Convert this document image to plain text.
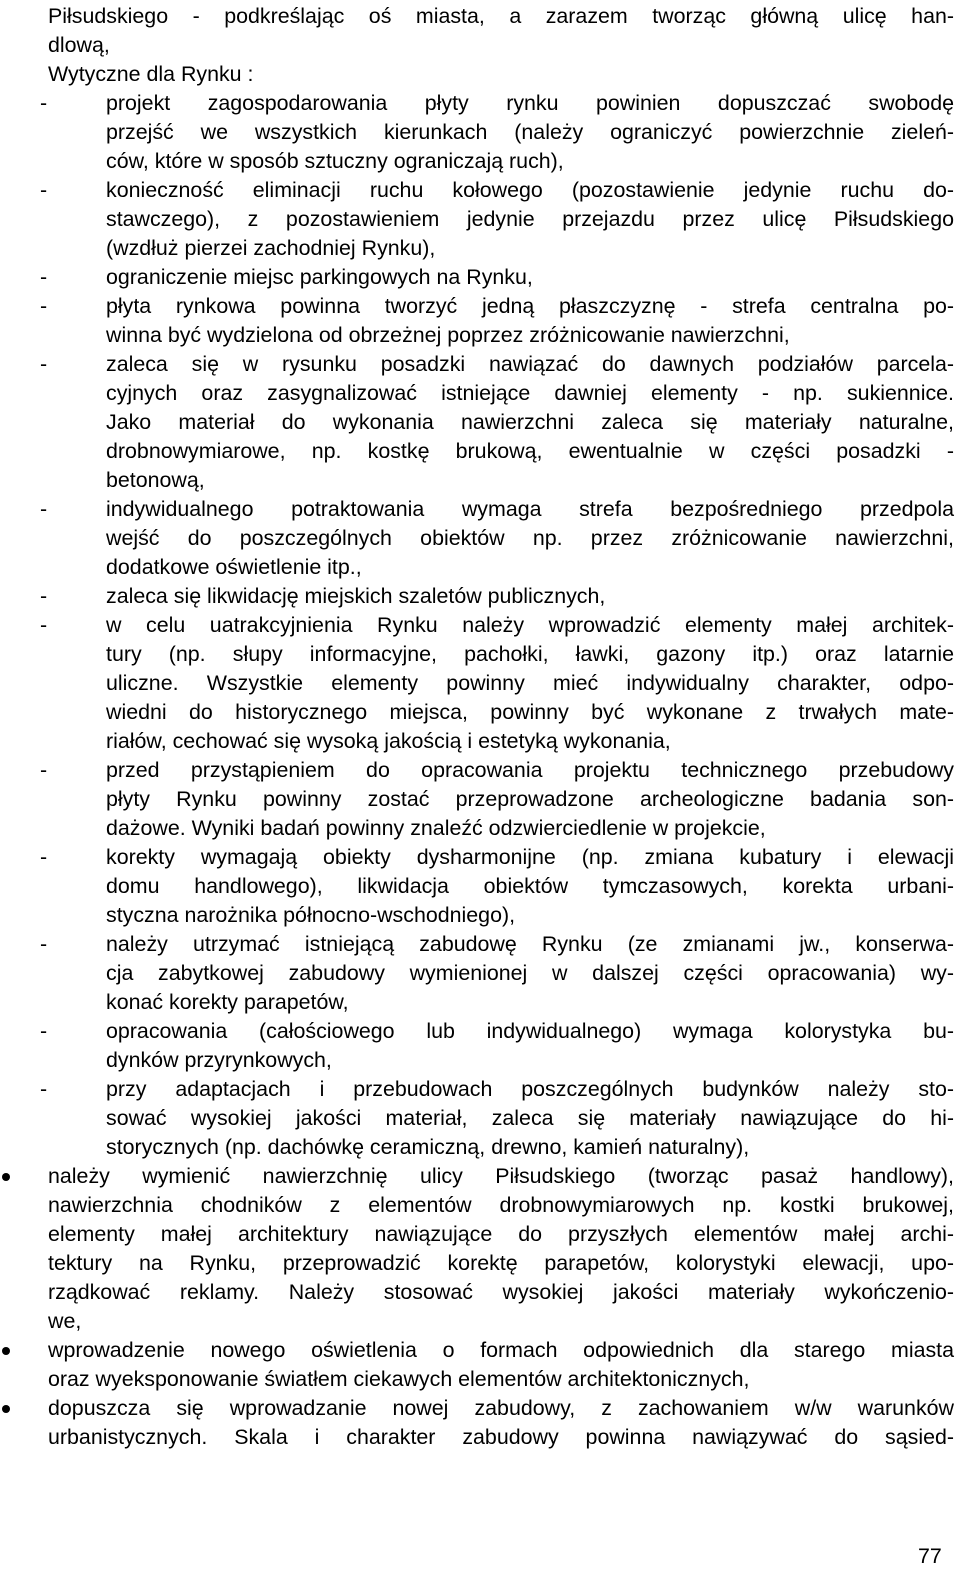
Piłsudskiego - podkreślając oś miasta, a zarazem tworząc główną ulicę han-
dlową,
Wytyczne dla Rynku :
-	projekt zagospodarowania płyty rynku powinien dopuszczać swobodę
przejść we wszystkich kierunkach (należy ograniczyć powierzchnie zieleń-
ców, które w sposób sztuczny ograniczają ruch),
-	konieczność eliminacji ruchu kołowego (pozostawienie jedynie ruchu do-
stawczego), z pozostawieniem jedynie przejazdu przez ulicę Piłsudskiego
(wzdłuż pierzei zachodniej Rynku),
-	ograniczenie miejsc parkingowych na Rynku,
-	płyta rynkowa powinna tworzyć jedną płaszczyznę - strefa centralna po-
winna być wydzielona od obrzeżnej poprzez zróżnicowanie nawierzchni,
-	zaleca się w rysunku posadzki nawiązać do dawnych podziałów parcela-
cyjnych oraz zasygnalizować istniejące dawniej elementy - np. sukiennice.
Jako materiał do wykonania nawierzchni zaleca się materiały naturalne,
drobnowymiarowe, np. kostkę brukową, ewentualnie w części posadzki -
betonową,
-	indywidualnego potraktowania wymaga strefa bezpośredniego przedpola
wejść do poszczególnych obiektów np. przez zróżnicowanie nawierzchni,
dodatkowe oświetlenie itp.,
-	zaleca się likwidację miejskich szaletów publicznych,
-	w celu uatrakcyjnienia Rynku należy wprowadzić elementy małej architek-
tury (np. słupy informacyjne, pachołki, ławki, gazony itp.) oraz latarnie
uliczne. Wszystkie elementy powinny mieć indywidualny charakter, odpo-
wiedni do historycznego miejsca, powinny być wykonane z trwałych mate-
riałów, cechować się wysoką jakością i estetyką wykonania,
-	przed przystąpieniem do opracowania projektu technicznego przebudowy
płyty Rynku powinny zostać przeprowadzone archeologiczne badania son-
dażowe. Wyniki badań powinny znaleźć odzwierciedlenie w projekcie,
-	korekty wymagają obiekty dysharmonijne (np. zmiana kubatury i elewacji
domu handlowego), likwidacja obiektów tymczasowych, korekta urbani-
styczna narożnika północno-wschodniego),
-	należy utrzymać istniejącą zabudowę Rynku (ze zmianami jw., konserwa-
cja zabytkowej zabudowy wymienionej w dalszej części opracowania) wy-
konać korekty parapetów,
-	opracowania (całościowego lub indywidualnego) wymaga kolorystyka bu-
dynków przyrynkowych,
-	przy adaptacjach i przebudowach poszczególnych budynków należy sto-
sować wysokiej jakości materiał, zaleca się materiały nawiązujące do hi-
storycznych (np. dachówkę ceramiczną, drewno, kamień naturalny),
należy wymienić nawierzchnię ulicy Piłsudskiego (tworząc pasaż handlowy),
nawierzchnia chodników z elementów drobnowymiarowych np. kostki brukowej,
elementy małej architektury nawiązujące do przyszłych elementów małej archi-
tektury na Rynku, przeprowadzić korektę parapetów, kolorystyki elewacji, upo-
rządkować reklamy. Należy stosować wysokiej jakości materiały wykończenio-
we,
wprowadzenie nowego oświetlenia o formach odpowiednich dla starego miasta
oraz wyeksponowanie światłem ciekawych elementów architektonicznych,
dopuszcza się wprowadzanie nowej zabudowy, z zachowaniem w/w warunków
urbanistycznych. Skala i charakter zabudowy powinna nawiązywać do sąsied-
77
